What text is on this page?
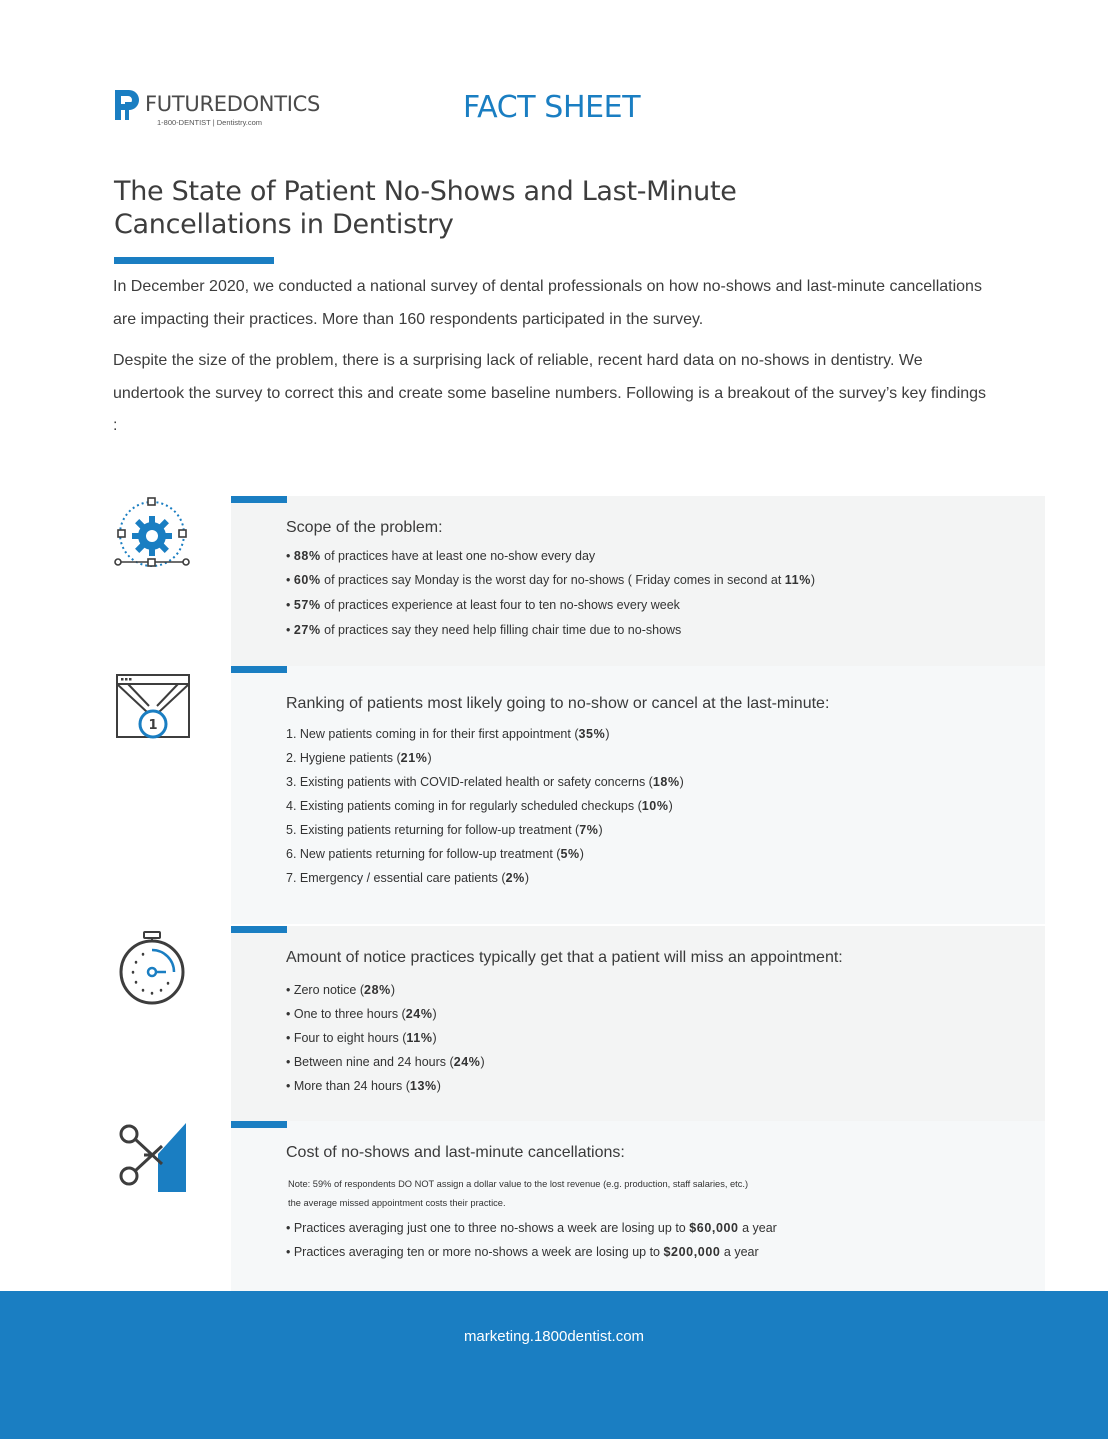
FUTUREDONTICS
1-800-DENTIST | Dentistry.com	FACT SHEET
The State of Patient No-Shows and Last-Minute
Cancellations in Dentistry

In December 2020, we conducted a national survey of dental professionals on how no-shows and last-minute cancellations are impacting their practices. More than 160 respondents participated in the survey.

Despite the size of the problem, there is a surprising lack of reliable, recent hard data on no-shows in dentistry. We undertook the survey to correct this and create some baseline numbers. Following is a breakout of the survey’s key findings :

Scope of the problem:
• 88% of practices have at least one no-show every day
• 60% of practices say Monday is the worst day for no-shows ( Friday comes in second at 11%)
• 57% of practices experience at least four to ten no-shows every week
• 27% of practices say they need help filling chair time due to no-shows
1
Ranking of patients most likely going to no-show or cancel at the last-minute:
1. New patients coming in for their first appointment (35%)
2. Hygiene patients (21%)
3. Existing patients with COVID-related health or safety concerns (18%)
4. Existing patients coming in for regularly scheduled checkups (10%)
5. Existing patients returning for follow-up treatment (7%)
6. New patients returning for follow-up treatment (5%)
7. Emergency / essential care patients (2%)
Amount of notice practices typically get that a patient will miss an appointment:
• Zero notice (28%)
• One to three hours (24%)
• Four to eight hours (11%)
• Between nine and 24 hours (24%)
• More than 24 hours (13%)
Cost of no-shows and last-minute cancellations:

Note: 59% of respondents DO NOT assign a dollar value to the lost revenue (e.g. production, staff salaries, etc.)
the average missed appointment costs their practice.

• Practices averaging just one to three no-shows a week are losing up to $60,000 a year
• Practices averaging ten or more no-shows a week are losing up to $200,000 a year
marketing.1800dentist.com
